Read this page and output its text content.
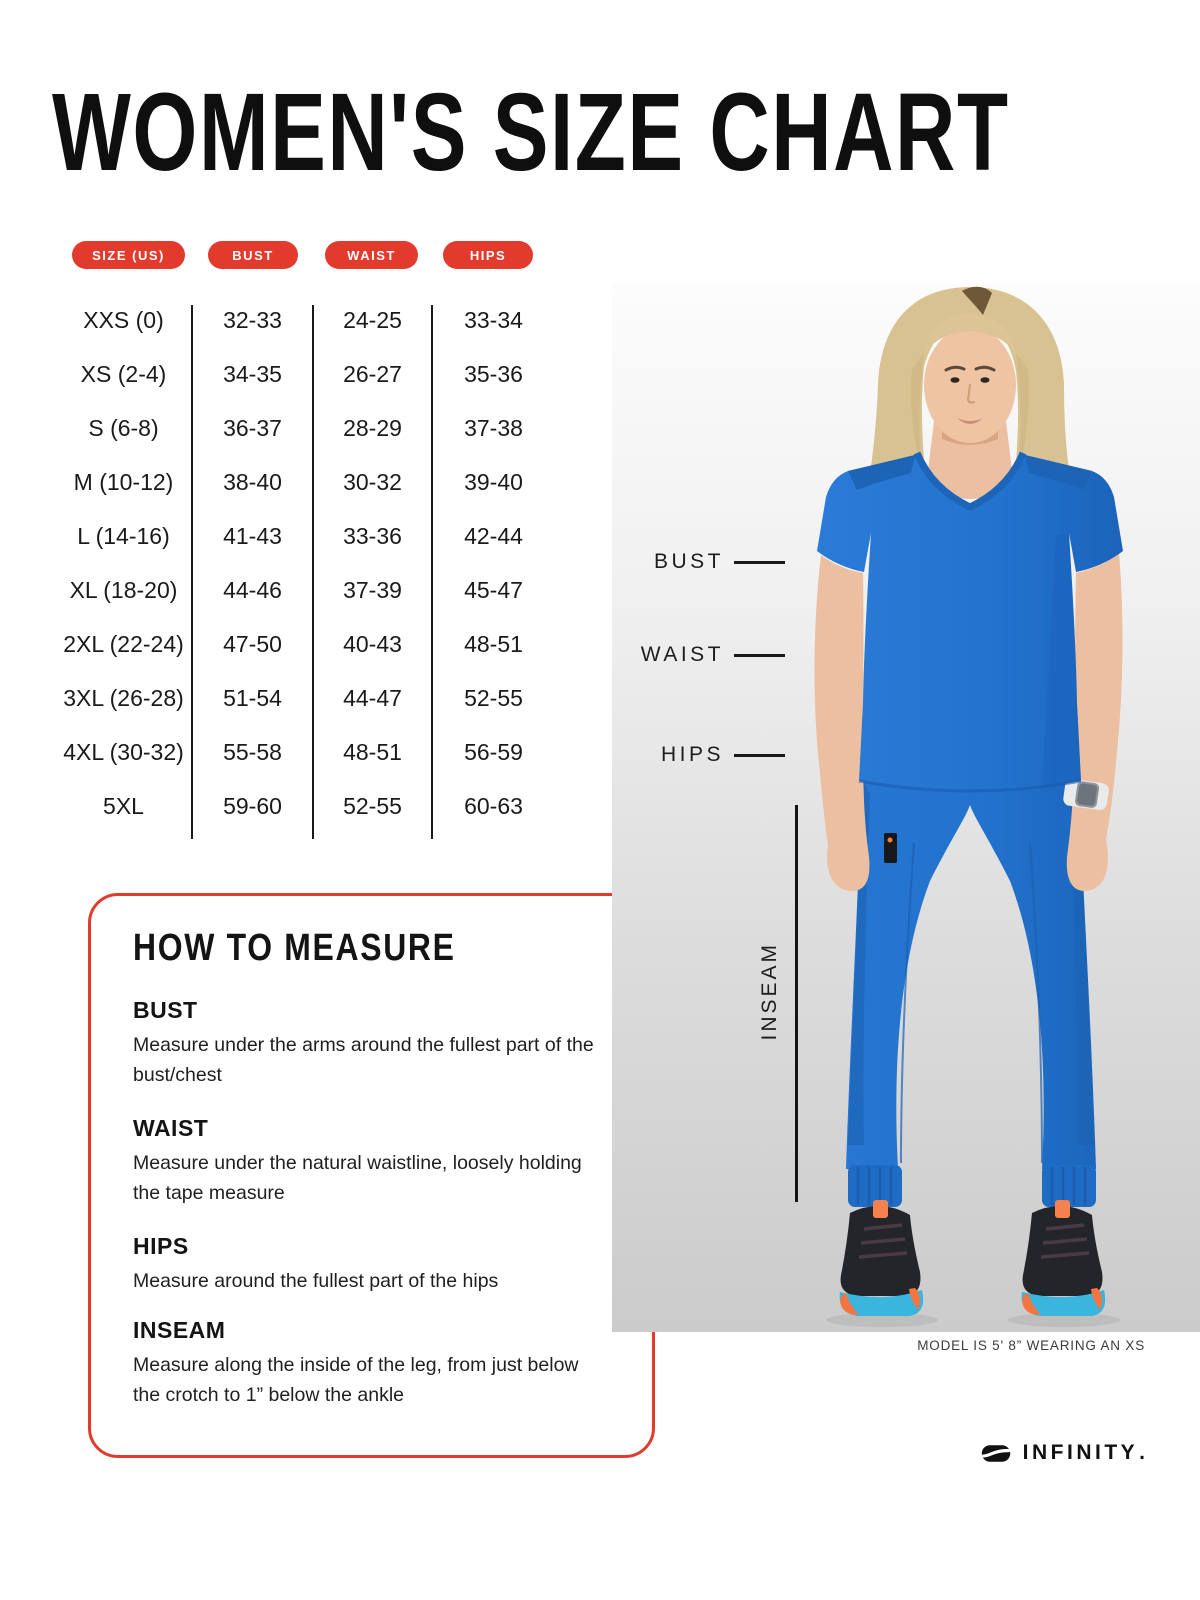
WOMEN'S SIZE CHART
SIZE (US)	BUST	WAIST	HIPS
XXS (0)	32-33	24-25	33-34
XS (2-4)	34-35	26-27	35-36
S (6-8)	36-37	28-29	37-38
M (10-12)	38-40	30-32	39-40
L (14-16)	41-43	33-36	42-44
XL (18-20)	44-46	37-39	45-47
2XL (22-24)	47-50	40-43	48-51
3XL (26-28)	51-54	44-47	52-55
4XL (30-32)	55-58	48-51	56-59
5XL	59-60	52-55	60-63
HOW TO MEASURE
BUST

Measure under the arms around the fullest part of the bust/chest

WAIST

Measure under the natural waistline, loosely holding the tape measure

HIPS

Measure around the fullest part of the hips

INSEAM

Measure along the inside of the leg, from just below the crotch to 1” below the ankle

BUST
WAIST
HIPS
INSEAM
MODEL IS 5' 8” WEARING AN XS
INFINITY .
